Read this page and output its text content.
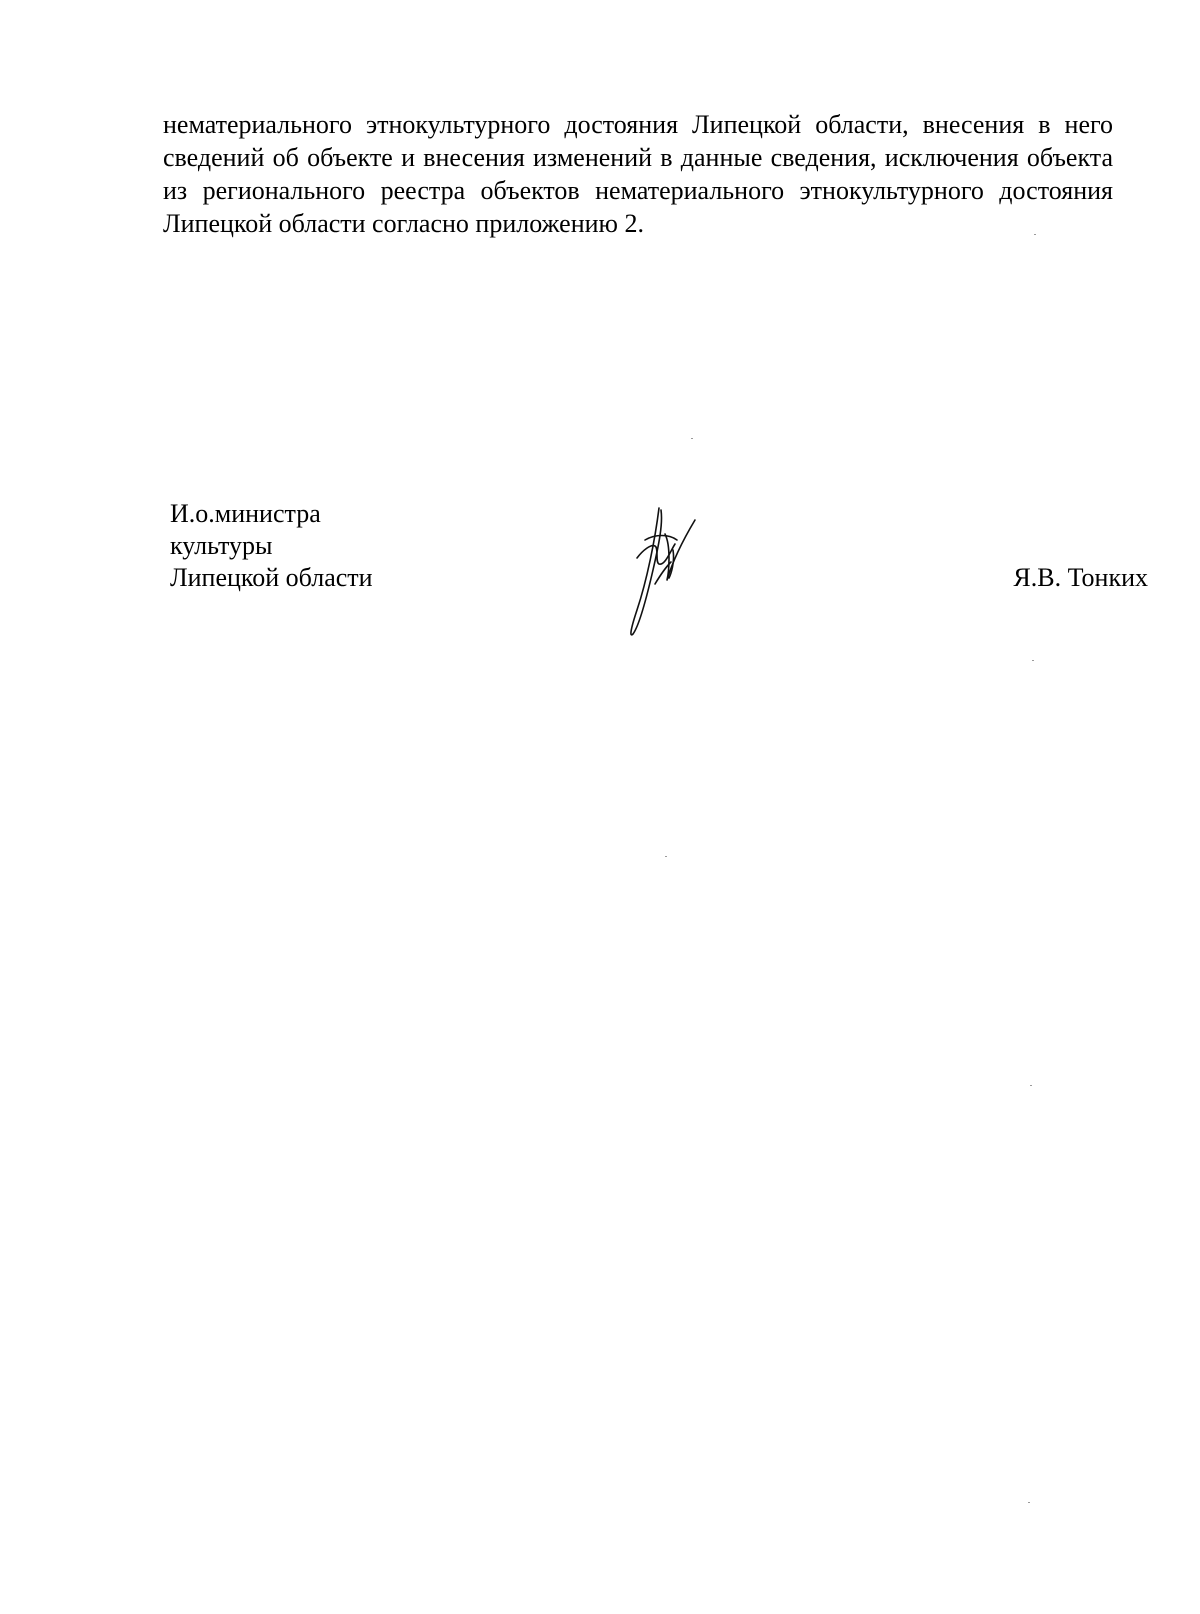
нематериального этнокультурного достояния Липецкой области, внесения в него сведений об объекте и внесения изменений в данные сведения, исключения объекта из регионального реестра объектов нематериального этнокультурного достояния Липецкой области согласно приложению 2.
И.о.министра
культуры
Липецкой области	Я.В. Тонких
